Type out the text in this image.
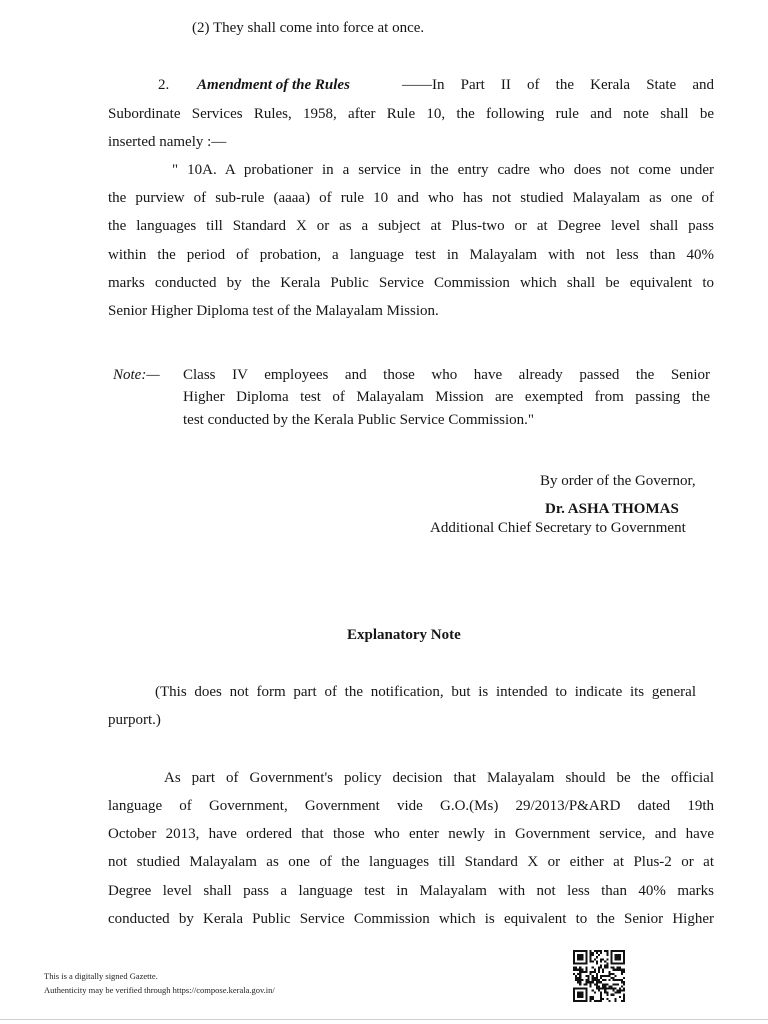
(2) They shall come into force at once.
2. Amendment of the Rules	——In Part II of the Kerala State and
Subordinate Services Rules, 1958, after Rule 10, the following rule and note shall be
inserted namely :—
" 10A. A probationer in a service in the entry cadre who does not come under
the purview of sub-rule (aaaa) of rule 10 and who has not studied Malayalam as one of
the languages till Standard X or as a subject at Plus-two or at Degree level shall pass
within the period of probation, a language test in Malayalam with not less than 40%
marks conducted by the Kerala Public Service Commission which shall be equivalent to
Senior Higher Diploma test of the Malayalam Mission.
Note:— Class IV employees and those who have already passed the Senior
Higher Diploma test of Malayalam Mission are exempted from passing the
test conducted by the Kerala Public Service Commission."
By order of the Governor,
Dr. ASHA THOMAS
Additional Chief Secretary to Government
Explanatory Note
(This does not form part of the notification, but is intended to indicate its general
purport.)
As part of Government's policy decision that Malayalam should be the official
language of Government, Government vide G.O.(Ms) 29/2013/P&ARD dated 19th
October 2013, have ordered that those who enter newly in Government service, and have
not studied Malayalam as one of the languages till Standard X or either at Plus-2 or at
Degree level shall pass a language test in Malayalam with not less than 40% marks
conducted by Kerala Public Service Commission which is equivalent to the Senior Higher
This is a digitally signed Gazette.
Authenticity may be verified through https://compose.kerala.gov.in/
